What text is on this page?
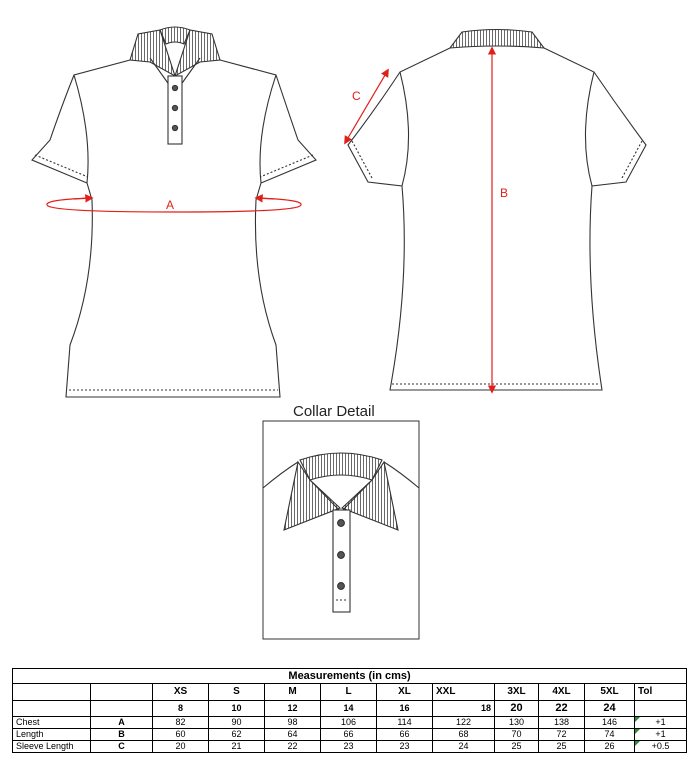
A
B
C
Collar Detail
Measurements (in cms)											
		XS	S	M	L	XL	XXL	3XL	4XL	5XL	Tol
		8	10	12	14	16	18	20	22	24	
Chest	A	82	90	98	106	114	122	130	138	146	+1
Length	B	60	62	64	66	66	68	70	72	74	+1
Sleeve Length	C	20	21	22	23	23	24	25	25	26	+0.5
